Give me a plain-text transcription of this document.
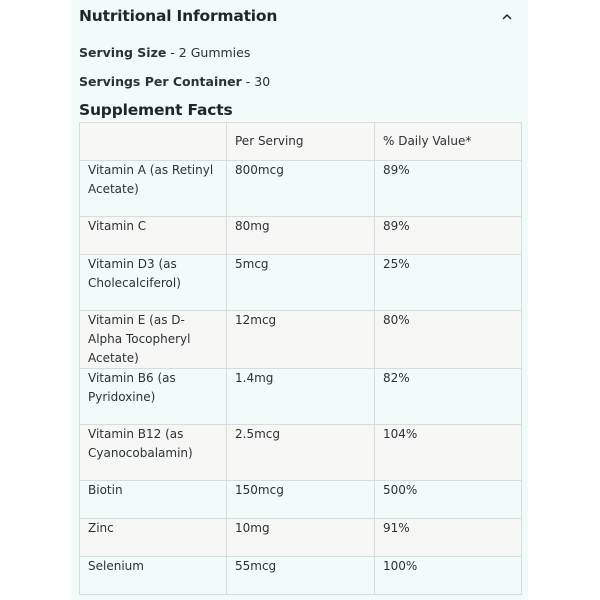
Nutritional Information
Serving Size - 2 Gummies
Servings Per Container - 30
Supplement Facts
	Per Serving	% Daily Value*
Vitamin A (as Retinyl Acetate)	800mcg	89%
Vitamin C	80mg	89%
Vitamin D3 (as Cholecalciferol)	5mcg	25%
Vitamin E (as D-Alpha Tocopheryl Acetate)	12mcg	80%
Vitamin B6 (as Pyridoxine)	1.4mg	82%
Vitamin B12 (as Cyanocobalamin)	2.5mcg	104%
Biotin	150mcg	500%
Zinc	10mg	91%
Selenium	55mcg	100%
